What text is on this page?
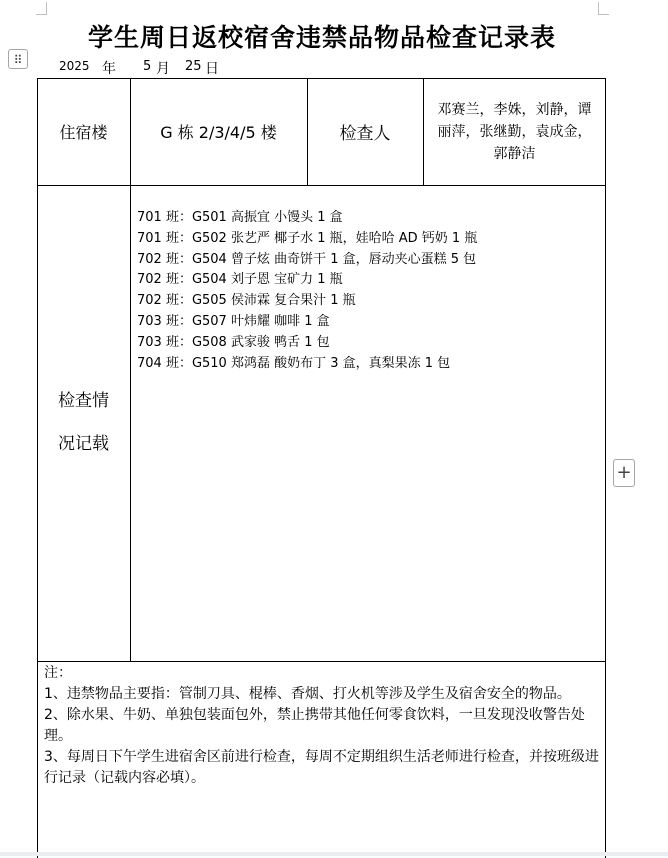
⠿
学生周日返校宿舍违禁品物品检查记录表

2025

年

5

月

25

日

住宿楼	G 栋 2/3/4/5 楼	检查人
邓赛兰，李姝，刘静，谭丽萍，张继勤，袁成金，郭静洁
检查情
况记载
701 班：G501 高振宜 小馒头 1 盒
701 班：G502 张艺严 椰子水 1 瓶，娃哈哈 AD 钙奶 1 瓶
702 班：G504 曾子炫 曲奇饼干 1 盒，唇动夹心蛋糕 5 包
702 班：G504 刘子恩 宝矿力 1 瓶
702 班：G505 侯沛霖 复合果汁 1 瓶
703 班：G507 叶炜耀 咖啡 1 盒
703 班：G508 武家骏 鸭舌 1 包
704 班：G510 郑鸿磊 酸奶布丁 3 盒，真梨果冻 1 包
注：
1、违禁物品主要指：管制刀具、棍棒、香烟、打火机等涉及学生及宿舍安全的物品。
2、除水果、牛奶、单独包装面包外，禁止携带其他任何零食饮料，一旦发现没收警告处理。
3、每周日下午学生进宿舍区前进行检查，每周不定期组织生活老师进行检查，并按班级进行记录（记载内容必填）。
+
